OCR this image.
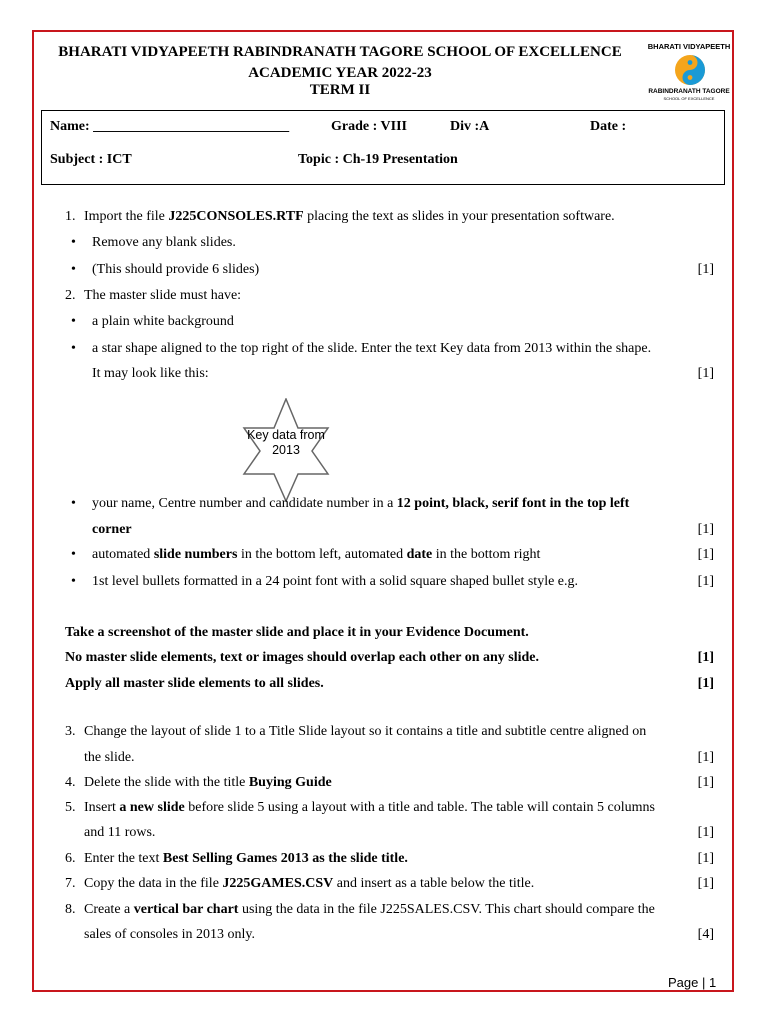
BHARATI VIDYAPEETH RABINDRANATH TAGORE SCHOOL OF EXCELLENCE
ACADEMIC YEAR 2022-23
TERM II
BHARATI VIDYAPEETH
RABINDRANATH TAGORE
SCHOOL OF EXCELLENCE
Name: ____________________________	Grade : VIII	Div :A	Date :
Subject : ICT	Topic : Ch-19 Presentation
1. Import the file J225CONSOLES.RTF placing the text as slides in your presentation software.
• Remove any blank slides.
• (This should provide 6 slides)	[1]
2. The master slide must have:
• a plain white background
• a star shape aligned to the top right of the slide. Enter the text Key data from 2013 within the shape.
It may look like this:	[1]
Key data from 2013
• your name, Centre number and candidate number in a 12 point, black, serif font in the top left
corner	[1]
• automated slide numbers in the bottom left, automated date in the bottom right	[1]
• 1st level bullets formatted in a 24 point font with a solid square shaped bullet style e.g.	[1]
Take a screenshot of the master slide and place it in your Evidence Document.
No master slide elements, text or images should overlap each other on any slide.	[1]
Apply all master slide elements to all slides.	[1]
3. Change the layout of slide 1 to a Title Slide layout so it contains a title and subtitle centre aligned on
the slide.	[1]
4. Delete the slide with the title Buying Guide	[1]
5. Insert a new slide before slide 5 using a layout with a title and table. The table will contain 5 columns
and 11 rows.	[1]
6. Enter the text Best Selling Games 2013 as the slide title.	[1]
7. Copy the data in the file J225GAMES.CSV and insert as a table below the title.	[1]
8. Create a vertical bar chart using the data in the file J225SALES.CSV. This chart should compare the
sales of consoles in 2013 only.	[4]
Page | 1
